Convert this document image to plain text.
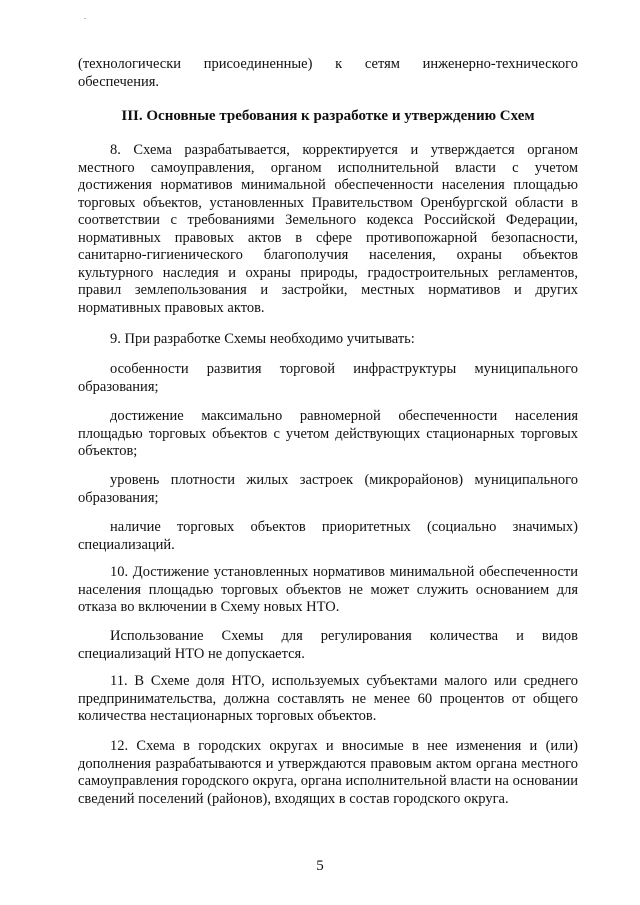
(технологически присоединенные) к сетям инженерно-технического обеспечения.
III. Основные требования к разработке и утверждению Схем
8. Схема разрабатывается, корректируется и утверждается органом местного самоуправления, органом исполнительной власти с учетом достижения нормативов минимальной обеспеченности населения площадью торговых объектов, установленных Правительством Оренбургской области в соответствии с требованиями Земельного кодекса Российской Федерации, нормативных правовых актов в сфере противопожарной безопасности, санитарно-гигиенического благополучия населения, охраны объектов культурного наследия и охраны природы, градостроительных регламентов, правил землепользования и застройки, местных нормативов и других нормативных правовых актов.
9. При разработке Схемы необходимо учитывать:
особенности развития торговой инфраструктуры муниципального образования;
достижение максимально равномерной обеспеченности населения площадью торговых объектов с учетом действующих стационарных торговых объектов;
уровень плотности жилых застроек (микрорайонов) муниципального образования;
наличие торговых объектов приоритетных (социально значимых) специализаций.
10. Достижение установленных нормативов минимальной обеспеченности населения площадью торговых объектов не может служить основанием для отказа во включении в Схему новых НТО.
Использование Схемы для регулирования количества и видов специализаций НТО не допускается.
11. В Схеме доля НТО, используемых субъектами малого или среднего предпринимательства, должна составлять не менее 60 процентов от общего количества нестационарных торговых объектов.
12. Схема в городских округах и вносимые в нее изменения и (или) дополнения разрабатываются и утверждаются правовым актом органа местного самоуправления городского округа, органа исполнительной власти на основании сведений поселений (районов), входящих в состав городского округа.
5
